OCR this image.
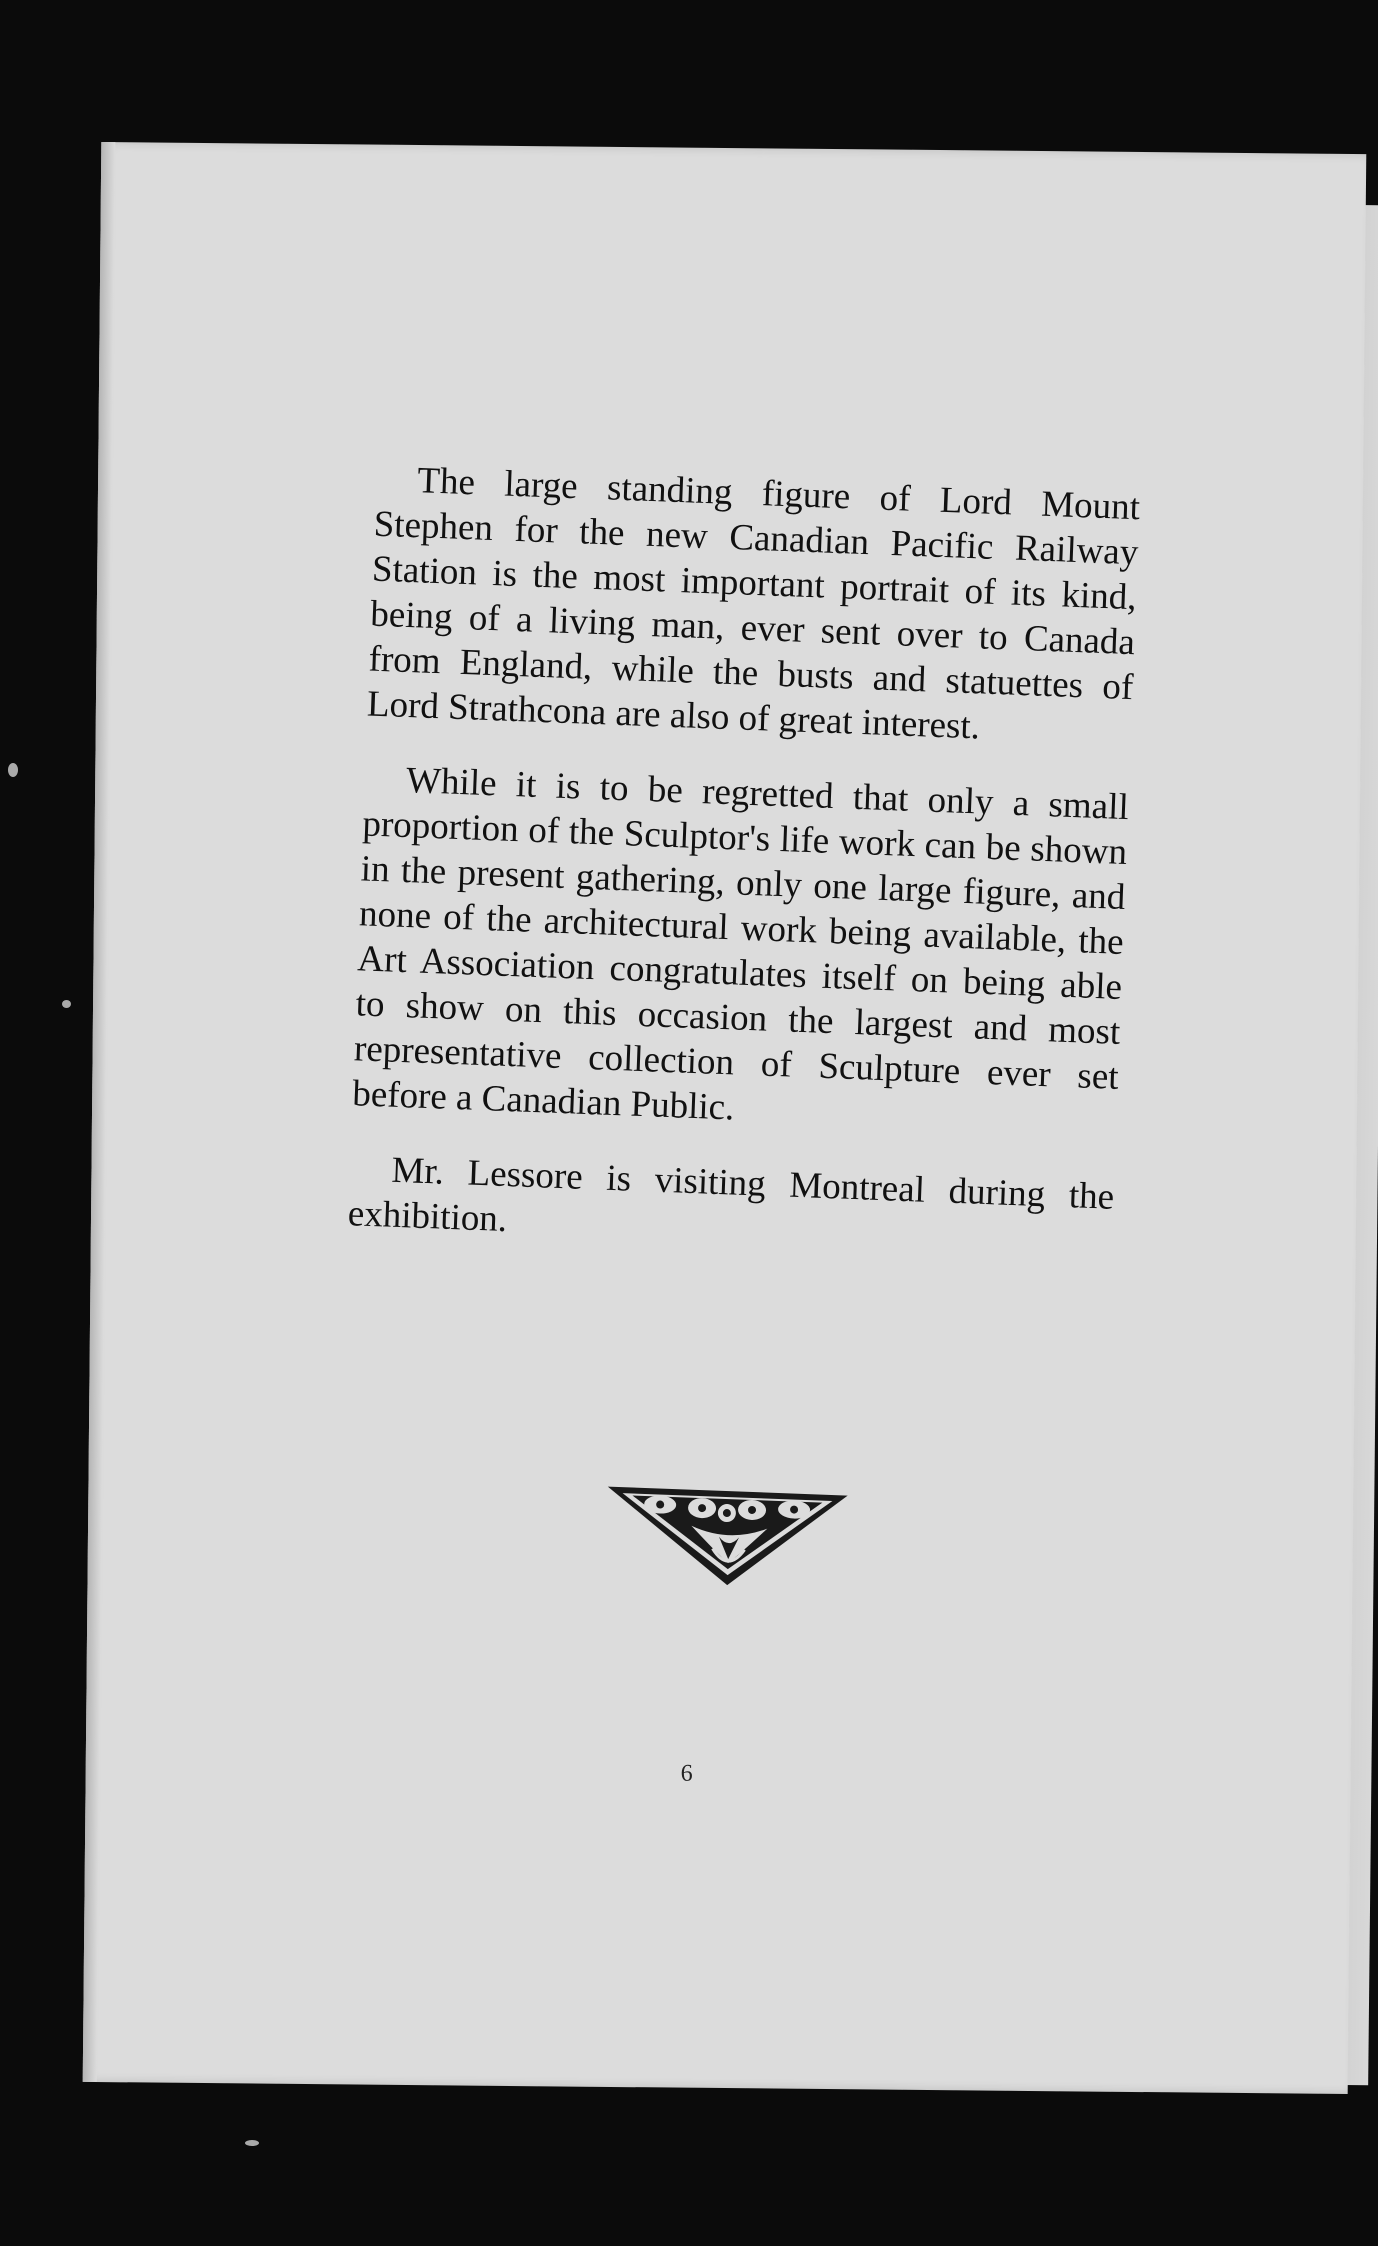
The large standing figure of Lord Mount Stephen for the new Canadian Pacific Railway Station is the most important portrait of its kind, being of a living man, ever sent over to Canada from England, while the busts and statuettes of Lord Strathcona are also of great interest.

While it is to be regretted that only a small proportion of the Sculptor's life work can be shown in the present gathering, only one large figure, and none of the architectural work being available, the Art Association congratulates itself on being able to show on this occasion the largest and most representative collection of Sculpture ever set before a Canadian Public.

Mr. Lessore is visiting Montreal during the exhibition.

6
